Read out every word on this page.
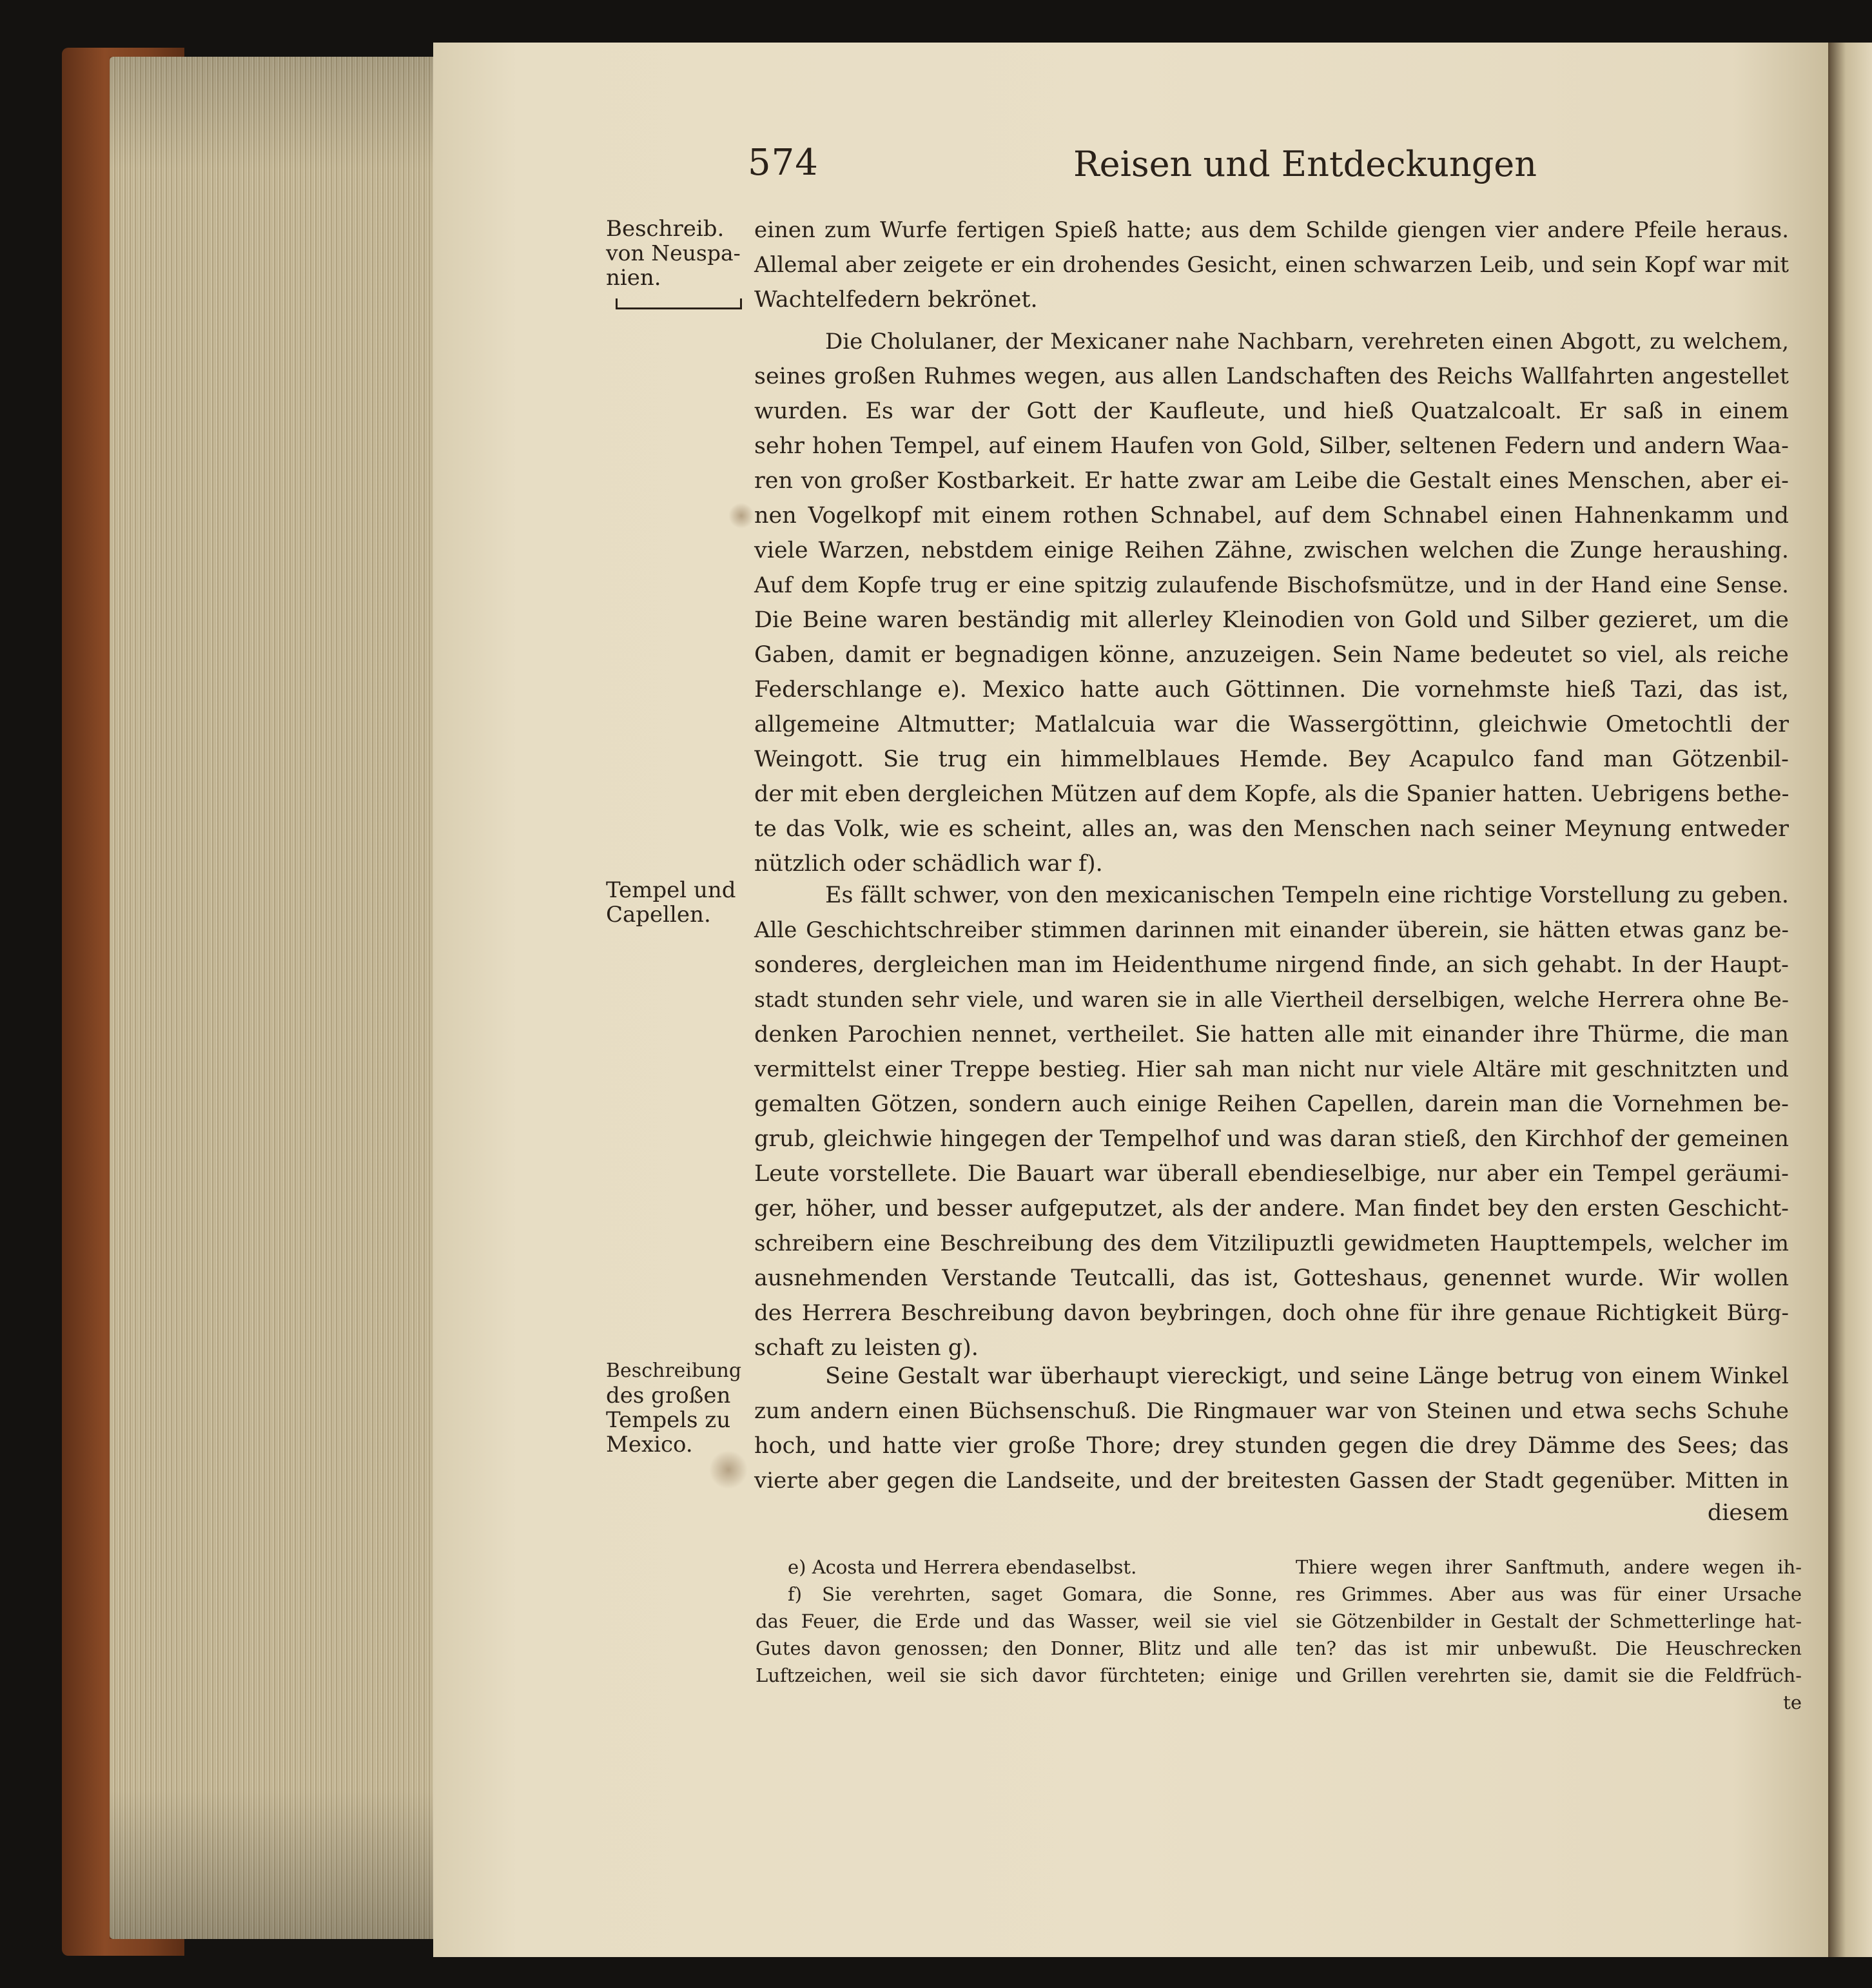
574	Reisen und Entdeckungen
Beschreib.
von Neuspa-
nien.
Tempel und
Capellen.
Beschreibung
des großen
Tempels zu
Mexico.
einen zum Wurfe fertigen Spieß hatte; aus dem Schilde giengen vier andere Pfeile heraus.
Allemal aber zeigete er ein drohendes Gesicht, einen schwarzen Leib, und sein Kopf war mit
Wachtelfedern bekrönet.
Die Cholulaner, der Mexicaner nahe Nachbarn, verehreten einen Abgott, zu welchem,
seines großen Ruhmes wegen, aus allen Landschaften des Reichs Wallfahrten angestellet
wurden. Es war der Gott der Kaufleute, und hieß Quatzalcoalt. Er saß in einem
sehr hohen Tempel, auf einem Haufen von Gold, Silber, seltenen Federn und andern Waa-
ren von großer Kostbarkeit. Er hatte zwar am Leibe die Gestalt eines Menschen, aber ei-
nen Vogelkopf mit einem rothen Schnabel, auf dem Schnabel einen Hahnenkamm und
viele Warzen, nebstdem einige Reihen Zähne, zwischen welchen die Zunge heraushing.
Auf dem Kopfe trug er eine spitzig zulaufende Bischofsmütze, und in der Hand eine Sense.
Die Beine waren beständig mit allerley Kleinodien von Gold und Silber gezieret, um die
Gaben, damit er begnadigen könne, anzuzeigen. Sein Name bedeutet so viel, als reiche
Federschlange e). Mexico hatte auch Göttinnen. Die vornehmste hieß Tazi, das ist,
allgemeine Altmutter; Matlalcuia war die Wassergöttinn, gleichwie Ometochtli der
Weingott. Sie trug ein himmelblaues Hemde. Bey Acapulco fand man Götzenbil-
der mit eben dergleichen Mützen auf dem Kopfe, als die Spanier hatten. Uebrigens bethe-
te das Volk, wie es scheint, alles an, was den Menschen nach seiner Meynung entweder
nützlich oder schädlich war f).
Es fällt schwer, von den mexicanischen Tempeln eine richtige Vorstellung zu geben.
Alle Geschichtschreiber stimmen darinnen mit einander überein, sie hätten etwas ganz be-
sonderes, dergleichen man im Heidenthume nirgend finde, an sich gehabt. In der Haupt-
stadt stunden sehr viele, und waren sie in alle Viertheil derselbigen, welche Herrera ohne Be-
denken Parochien nennet, vertheilet. Sie hatten alle mit einander ihre Thürme, die man
vermittelst einer Treppe bestieg. Hier sah man nicht nur viele Altäre mit geschnitzten und
gemalten Götzen, sondern auch einige Reihen Capellen, darein man die Vornehmen be-
grub, gleichwie hingegen der Tempelhof und was daran stieß, den Kirchhof der gemeinen
Leute vorstellete. Die Bauart war überall ebendieselbige, nur aber ein Tempel geräumi-
ger, höher, und besser aufgeputzet, als der andere. Man findet bey den ersten Geschicht-
schreibern eine Beschreibung des dem Vitzilipuztli gewidmeten Haupttempels, welcher im
ausnehmenden Verstande Teutcalli, das ist, Gotteshaus, genennet wurde. Wir wollen
des Herrera Beschreibung davon beybringen, doch ohne für ihre genaue Richtigkeit Bürg-
schaft zu leisten g).
Seine Gestalt war überhaupt viereckigt, und seine Länge betrug von einem Winkel
zum andern einen Büchsenschuß. Die Ringmauer war von Steinen und etwa sechs Schuhe
hoch, und hatte vier große Thore; drey stunden gegen die drey Dämme des Sees; das
vierte aber gegen die Landseite, und der breitesten Gassen der Stadt gegenüber. Mitten in
diesem
e) Acosta und Herrera ebendaselbst.
f) Sie verehrten, saget Gomara, die Sonne,
das Feuer, die Erde und das Wasser, weil sie viel
Gutes davon genossen; den Donner, Blitz und alle
Luftzeichen, weil sie sich davor fürchteten; einige
Thiere wegen ihrer Sanftmuth, andere wegen ih-
res Grimmes. Aber aus was für einer Ursache
sie Götzenbilder in Gestalt der Schmetterlinge hat-
ten? das ist mir unbewußt. Die Heuschrecken
und Grillen verehrten sie, damit sie die Feldfrüch-
te
